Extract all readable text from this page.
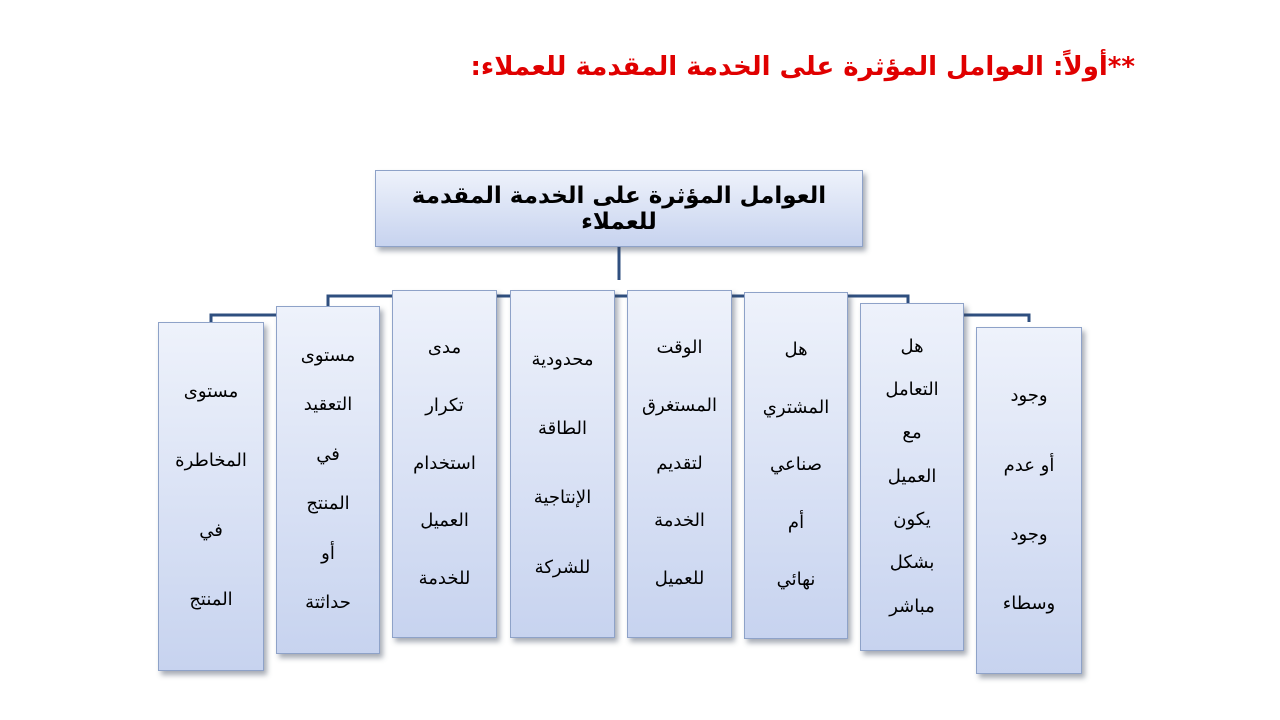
**أولاً: العوامل المؤثرة على الخدمة المقدمة للعملاء:
العوامل المؤثرة على الخدمة المقدمة للعملاء
وجود
أو عدم
وجود
وسطاء
هل
التعامل
مع
العميل
يكون
بشكل
مباشر
هل
المشتري
صناعي
أم
نهائي
الوقت
المستغرق
لتقديم
الخدمة
للعميل
محدودية
الطاقة
الإنتاجية
للشركة
مدى
تكرار
استخدام
العميل
للخدمة
مستوى
التعقيد
في
المنتج
أو
حداثتة
مستوى
المخاطرة
في
المنتج
